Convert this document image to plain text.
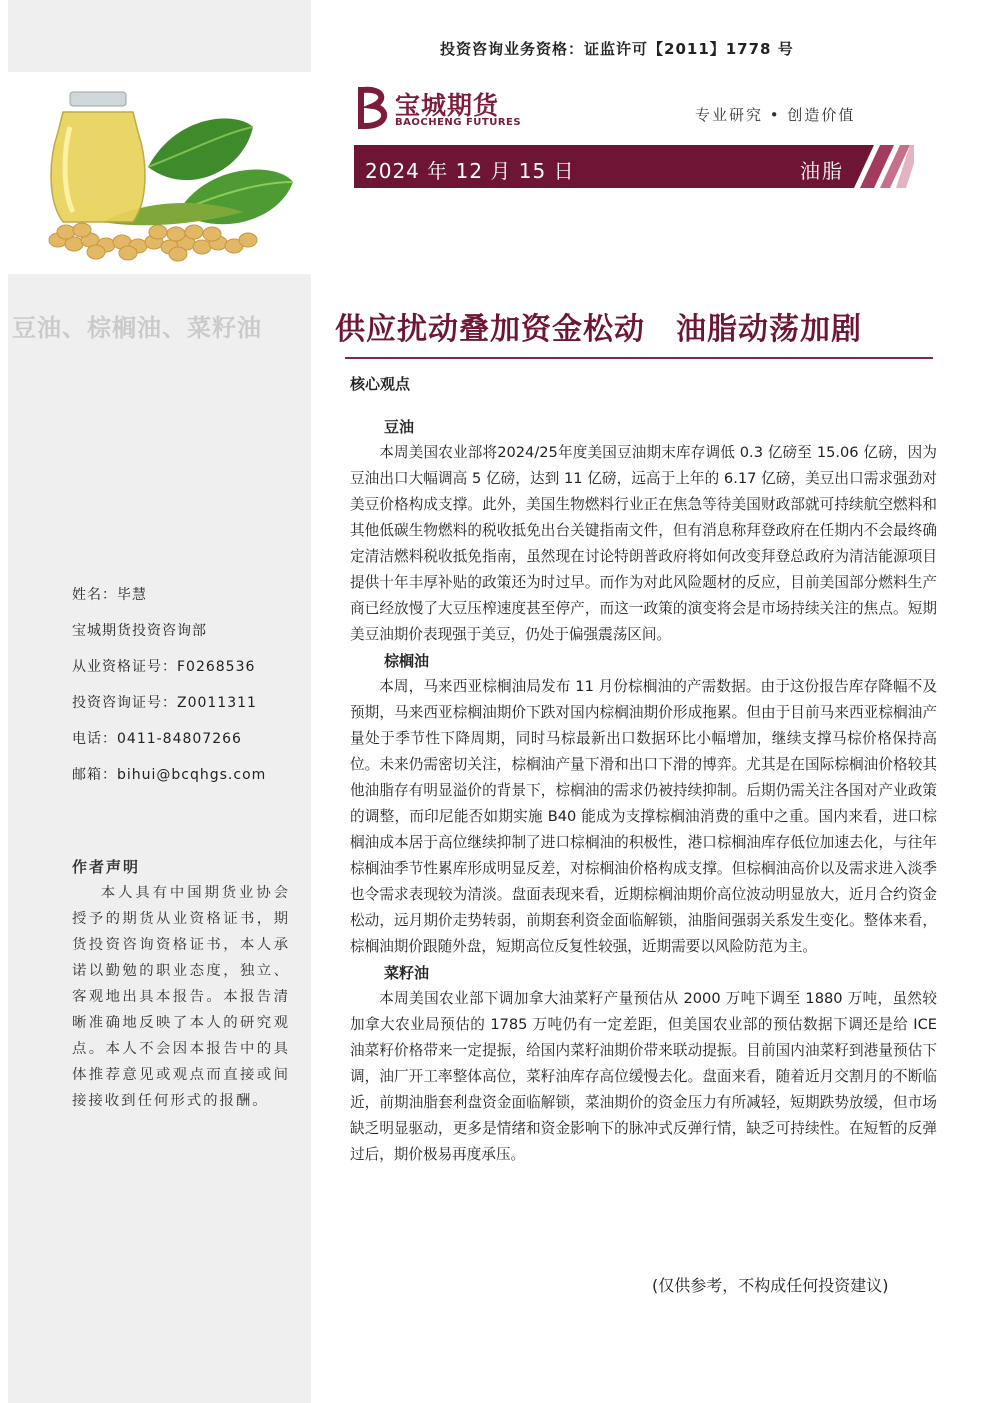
投资咨询业务资格：证监许可【2011】1778 号
宝城期货
BAOCHENG FUTURES	专业研究 • 创造价值
2024 年 12 月 15 日	油脂
豆油、棕榈油、菜籽油
姓名：毕慧
宝城期货投资咨询部
从业资格证号：F0268536
投资咨询证号：Z0011311
电话：0411-84807266
邮箱：bihui@bcqhgs.com
作者声明

本人具有中国期货业协会授予的期货从业资格证书，期货投资咨询资格证书，本人承诺以勤勉的职业态度，独立、客观地出具本报告。本报告清晰准确地反映了本人的研究观点。本人不会因本报告中的具体推荐意见或观点而直接或间接接收到任何形式的报酬。

供应扰动叠加资金松动　油脂动荡加剧
核心观点
豆油

本周美国农业部将2024/25年度美国豆油期末库存调低 0.3 亿磅至 15.06 亿磅，因为豆油出口大幅调高 5 亿磅，达到 11 亿磅，远高于上年的 6.17 亿磅，美豆出口需求强劲对美豆价格构成支撑。此外，美国生物燃料行业正在焦急等待美国财政部就可持续航空燃料和其他低碳生物燃料的税收抵免出台关键指南文件，但有消息称拜登政府在任期内不会最终确定清洁燃料税收抵免指南，虽然现在讨论特朗普政府将如何改变拜登总政府为清洁能源项目提供十年丰厚补贴的政策还为时过早。而作为对此风险题材的反应，目前美国部分燃料生产商已经放慢了大豆压榨速度甚至停产，而这一政策的演变将会是市场持续关注的焦点。短期美豆油期价表现强于美豆，仍处于偏强震荡区间。

棕榈油

本周，马来西亚棕榈油局发布 11 月份棕榈油的产需数据。由于这份报告库存降幅不及预期，马来西亚棕榈油期价下跌对国内棕榈油期价形成拖累。但由于目前马来西亚棕榈油产量处于季节性下降周期，同时马棕最新出口数据环比小幅增加，继续支撑马棕价格保持高位。未来仍需密切关注，棕榈油产量下滑和出口下滑的博弈。尤其是在国际棕榈油价格较其他油脂存有明显溢价的背景下，棕榈油的需求仍被持续抑制。后期仍需关注各国对产业政策的调整，而印尼能否如期实施 B40 能成为支撑棕榈油消费的重中之重。国内来看，进口棕榈油成本居于高位继续抑制了进口棕榈油的积极性，港口棕榈油库存低位加速去化，与往年棕榈油季节性累库形成明显反差，对棕榈油价格构成支撑。但棕榈油高价以及需求进入淡季也令需求表现较为清淡。盘面表现来看，近期棕榈油期价高位波动明显放大，近月合约资金松动，远月期价走势转弱，前期套利资金面临解锁，油脂间强弱关系发生变化。整体来看，棕榈油期价跟随外盘，短期高位反复性较强，近期需要以风险防范为主。

菜籽油

本周美国农业部下调加拿大油菜籽产量预估从 2000 万吨下调至 1880 万吨，虽然较加拿大农业局预估的 1785 万吨仍有一定差距，但美国农业部的预估数据下调还是给 ICE 油菜籽价格带来一定提振，给国内菜籽油期价带来联动提振。目前国内油菜籽到港量预估下调，油厂开工率整体高位，菜籽油库存高位缓慢去化。盘面来看，随着近月交割月的不断临近，前期油脂套利盘资金面临解锁，菜油期价的资金压力有所减轻，短期跌势放缓，但市场缺乏明显驱动，更多是情绪和资金影响下的脉冲式反弹行情，缺乏可持续性。在短暂的反弹过后，期价极易再度承压。

(仅供参考，不构成任何投资建议)
